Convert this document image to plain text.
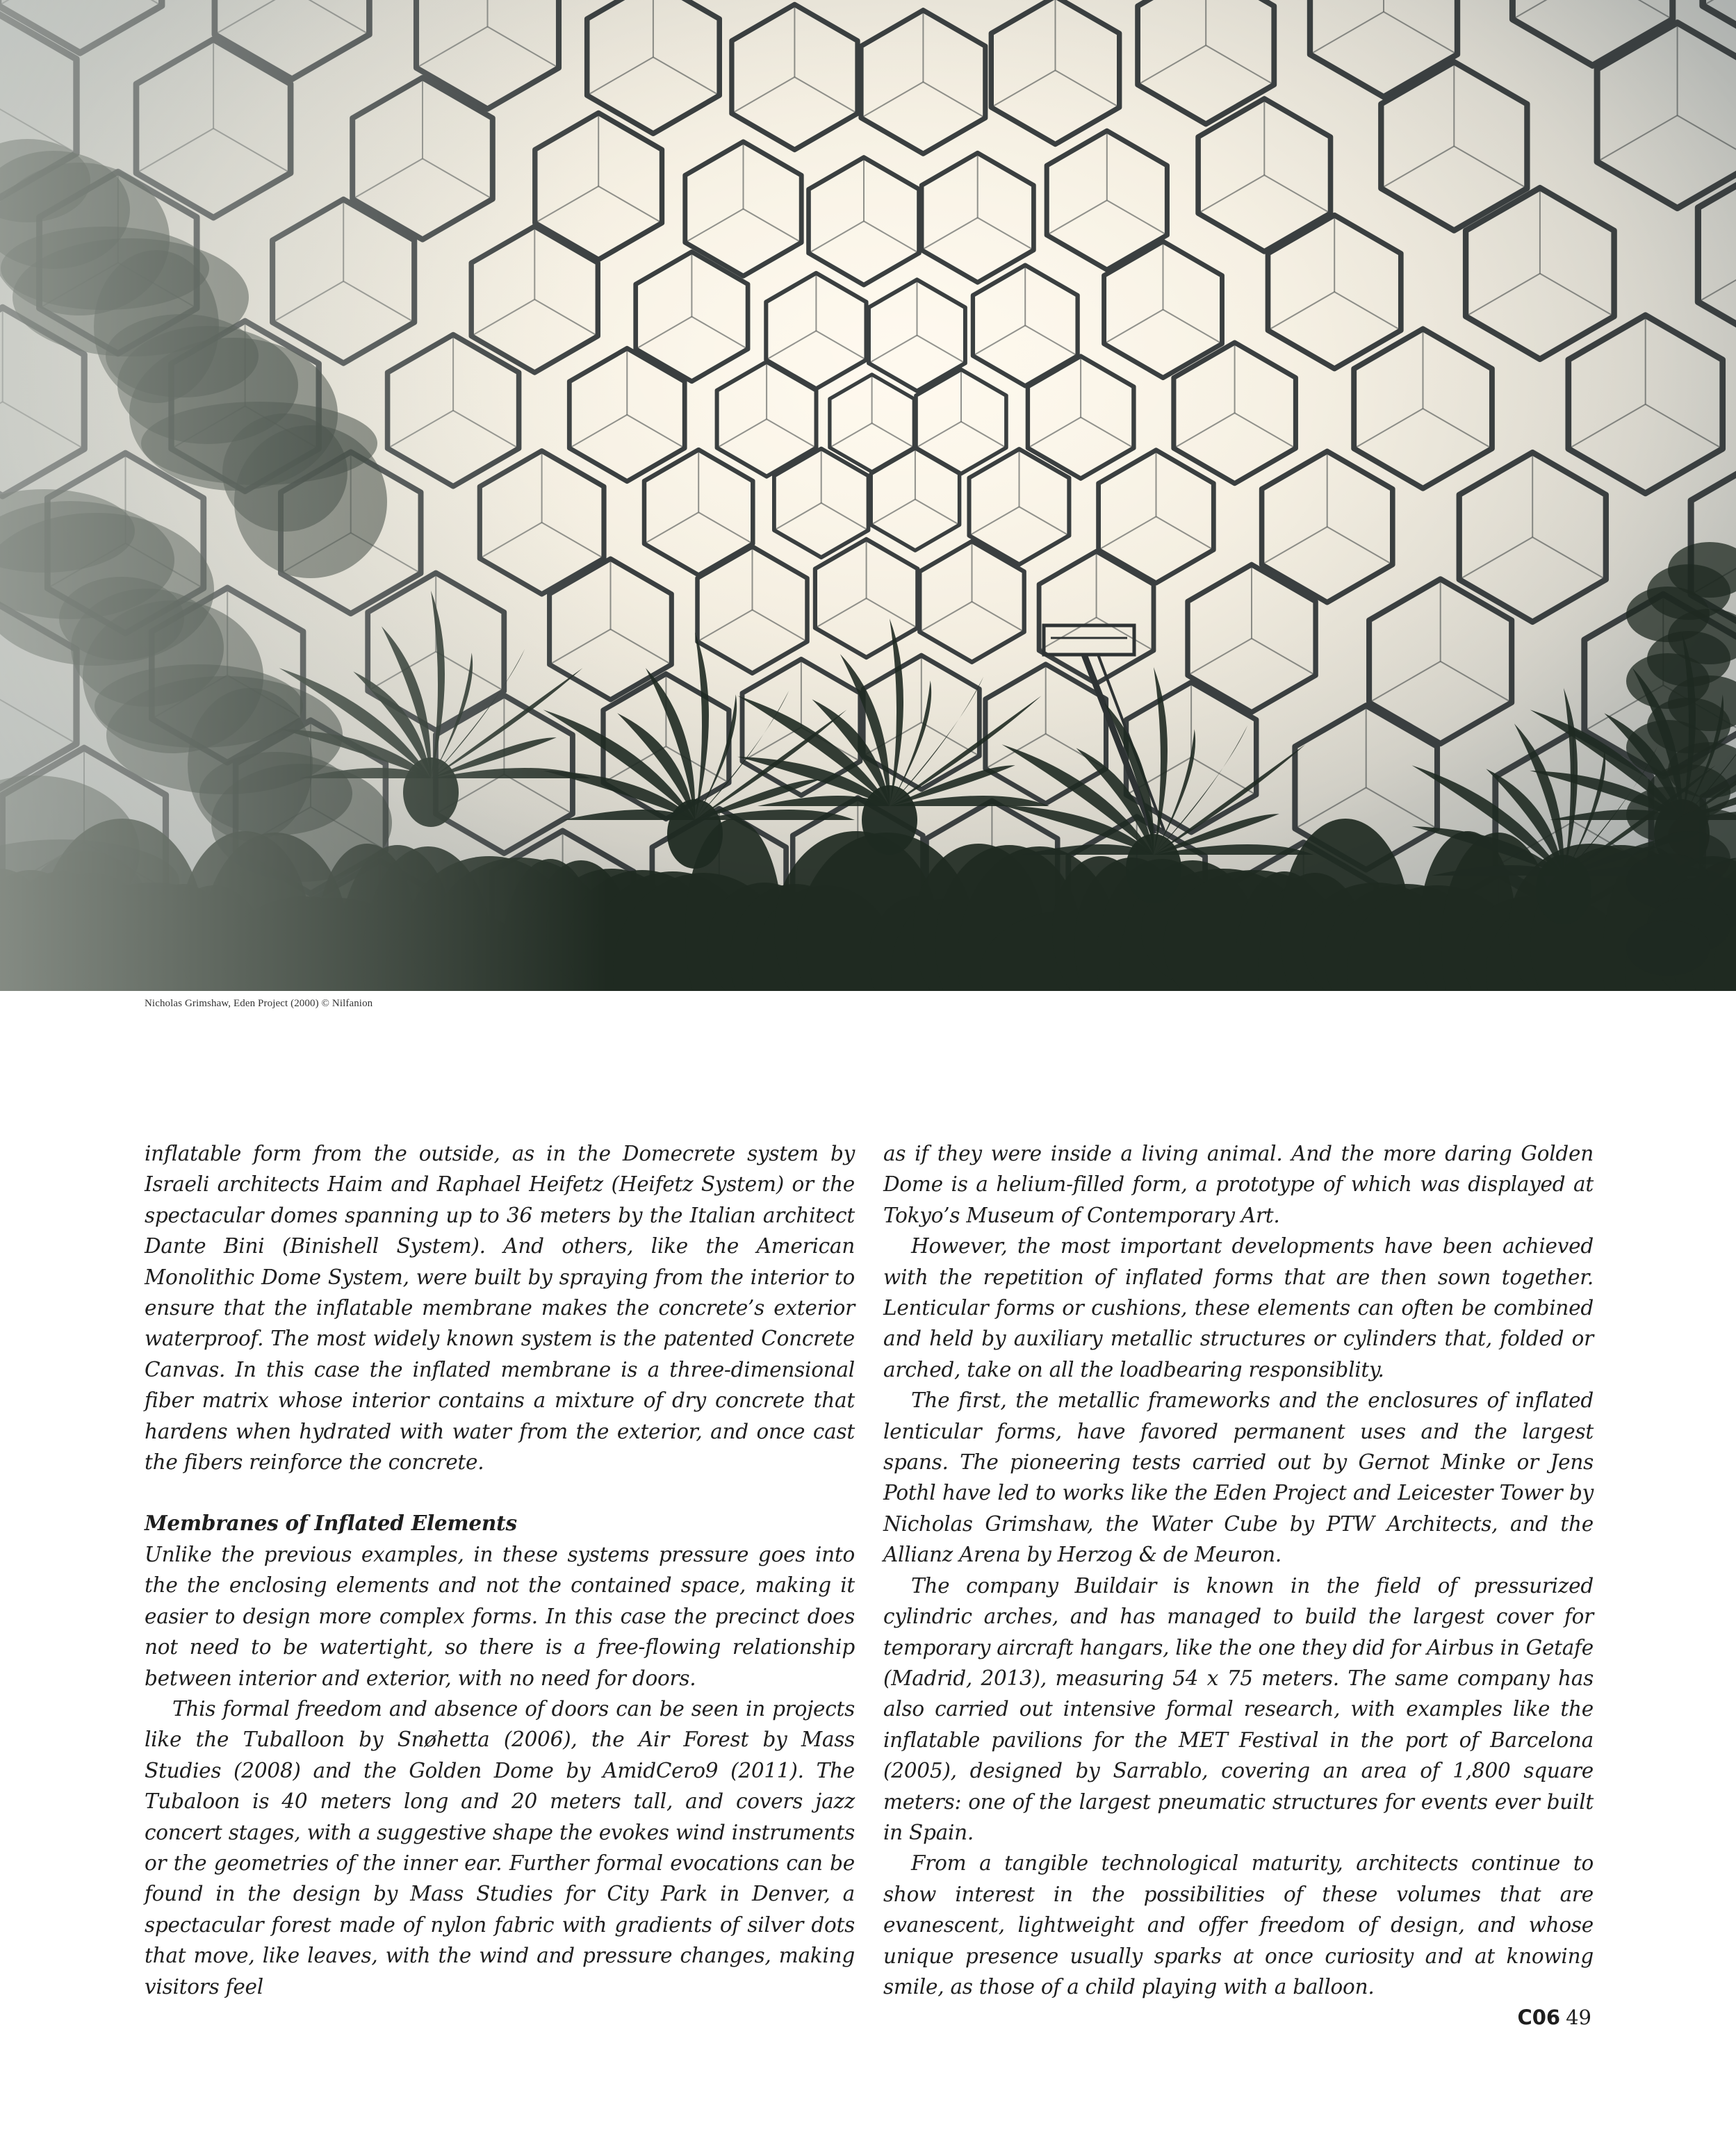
Nicholas Grimshaw, Eden Project (2000) © Nilfanion

inflatable form from the outside, as in the Domecrete system by Israeli architects Haim and Raphael Heifetz (Heifetz System) or the spectacular domes spanning up to 36 meters by the Italian architect Dante Bini (Binishell System). And others, like the American Monolithic Dome System, were built by spraying from the interior to ensure that the inflatable membrane makes the concrete’s exterior waterproof. The most widely known system is the patented Concrete Canvas. In this case the inflated membrane is a three-dimensional fiber matrix whose interior contains a mixture of dry concrete that hardens when hydrated with water from the exterior, and once cast the fibers reinforce the concrete.

Membranes of Inflated Elements

Unlike the previous examples, in these systems pressure goes into the the enclosing elements and not the contained space, making it easier to design more complex forms. In this case the precinct does not need to be watertight, so there is a free-flowing relationship between interior and exterior, with no need for doors.

This formal freedom and absence of doors can be seen in projects like the Tuballoon by Snøhetta (2006), the Air Forest by Mass Studies (2008) and the Golden Dome by AmidCero9 (2011). The Tubaloon is 40 meters long and 20 meters tall, and covers jazz concert stages, with a suggestive shape the evokes wind instruments or the geometries of the inner ear. Further formal evocations can be found in the design by Mass Studies for City Park in Denver, a spectacular forest made of nylon fabric with gradients of silver dots that move, like leaves, with the wind and pressure changes, making visitors feel

as if they were inside a living animal. And the more daring Golden Dome is a helium-filled form, a prototype of which was displayed at Tokyo’s Museum of Contemporary Art.

However, the most important developments have been achieved with the repetition of inflated forms that are then sown together. Lenticular forms or cushions, these elements can often be combined and held by auxiliary metallic structures or cylinders that, folded or arched, take on all the loadbearing responsiblity.

The first, the metallic frameworks and the enclosures of inflated lenticular forms, have favored permanent uses and the largest spans. The pioneering tests carried out by Gernot Minke or Jens Pothl have led to works like the Eden Project and Leicester Tower by Nicholas Grimshaw, the Water Cube by PTW Architects, and the Allianz Arena by Herzog & de Meuron.

The company Buildair is known in the field of pressurized cylindric arches, and has managed to build the largest cover for temporary aircraft hangars, like the one they did for Airbus in Getafe (Madrid, 2013), measuring 54 x 75 meters. The same company has also carried out intensive formal research, with examples like the inflatable pavilions for the MET Festival in the port of Barcelona (2005), designed by Sarrablo, covering an area of 1,800 square meters: one of the largest pneumatic structures for events ever built in Spain.

From a tangible technological maturity, architects continue to show interest in the possibilities of these volumes that are evanescent, lightweight and offer freedom of design, and whose unique presence usually sparks at once curiosity and at knowing smile, as those of a child playing with a balloon.

C06 49
